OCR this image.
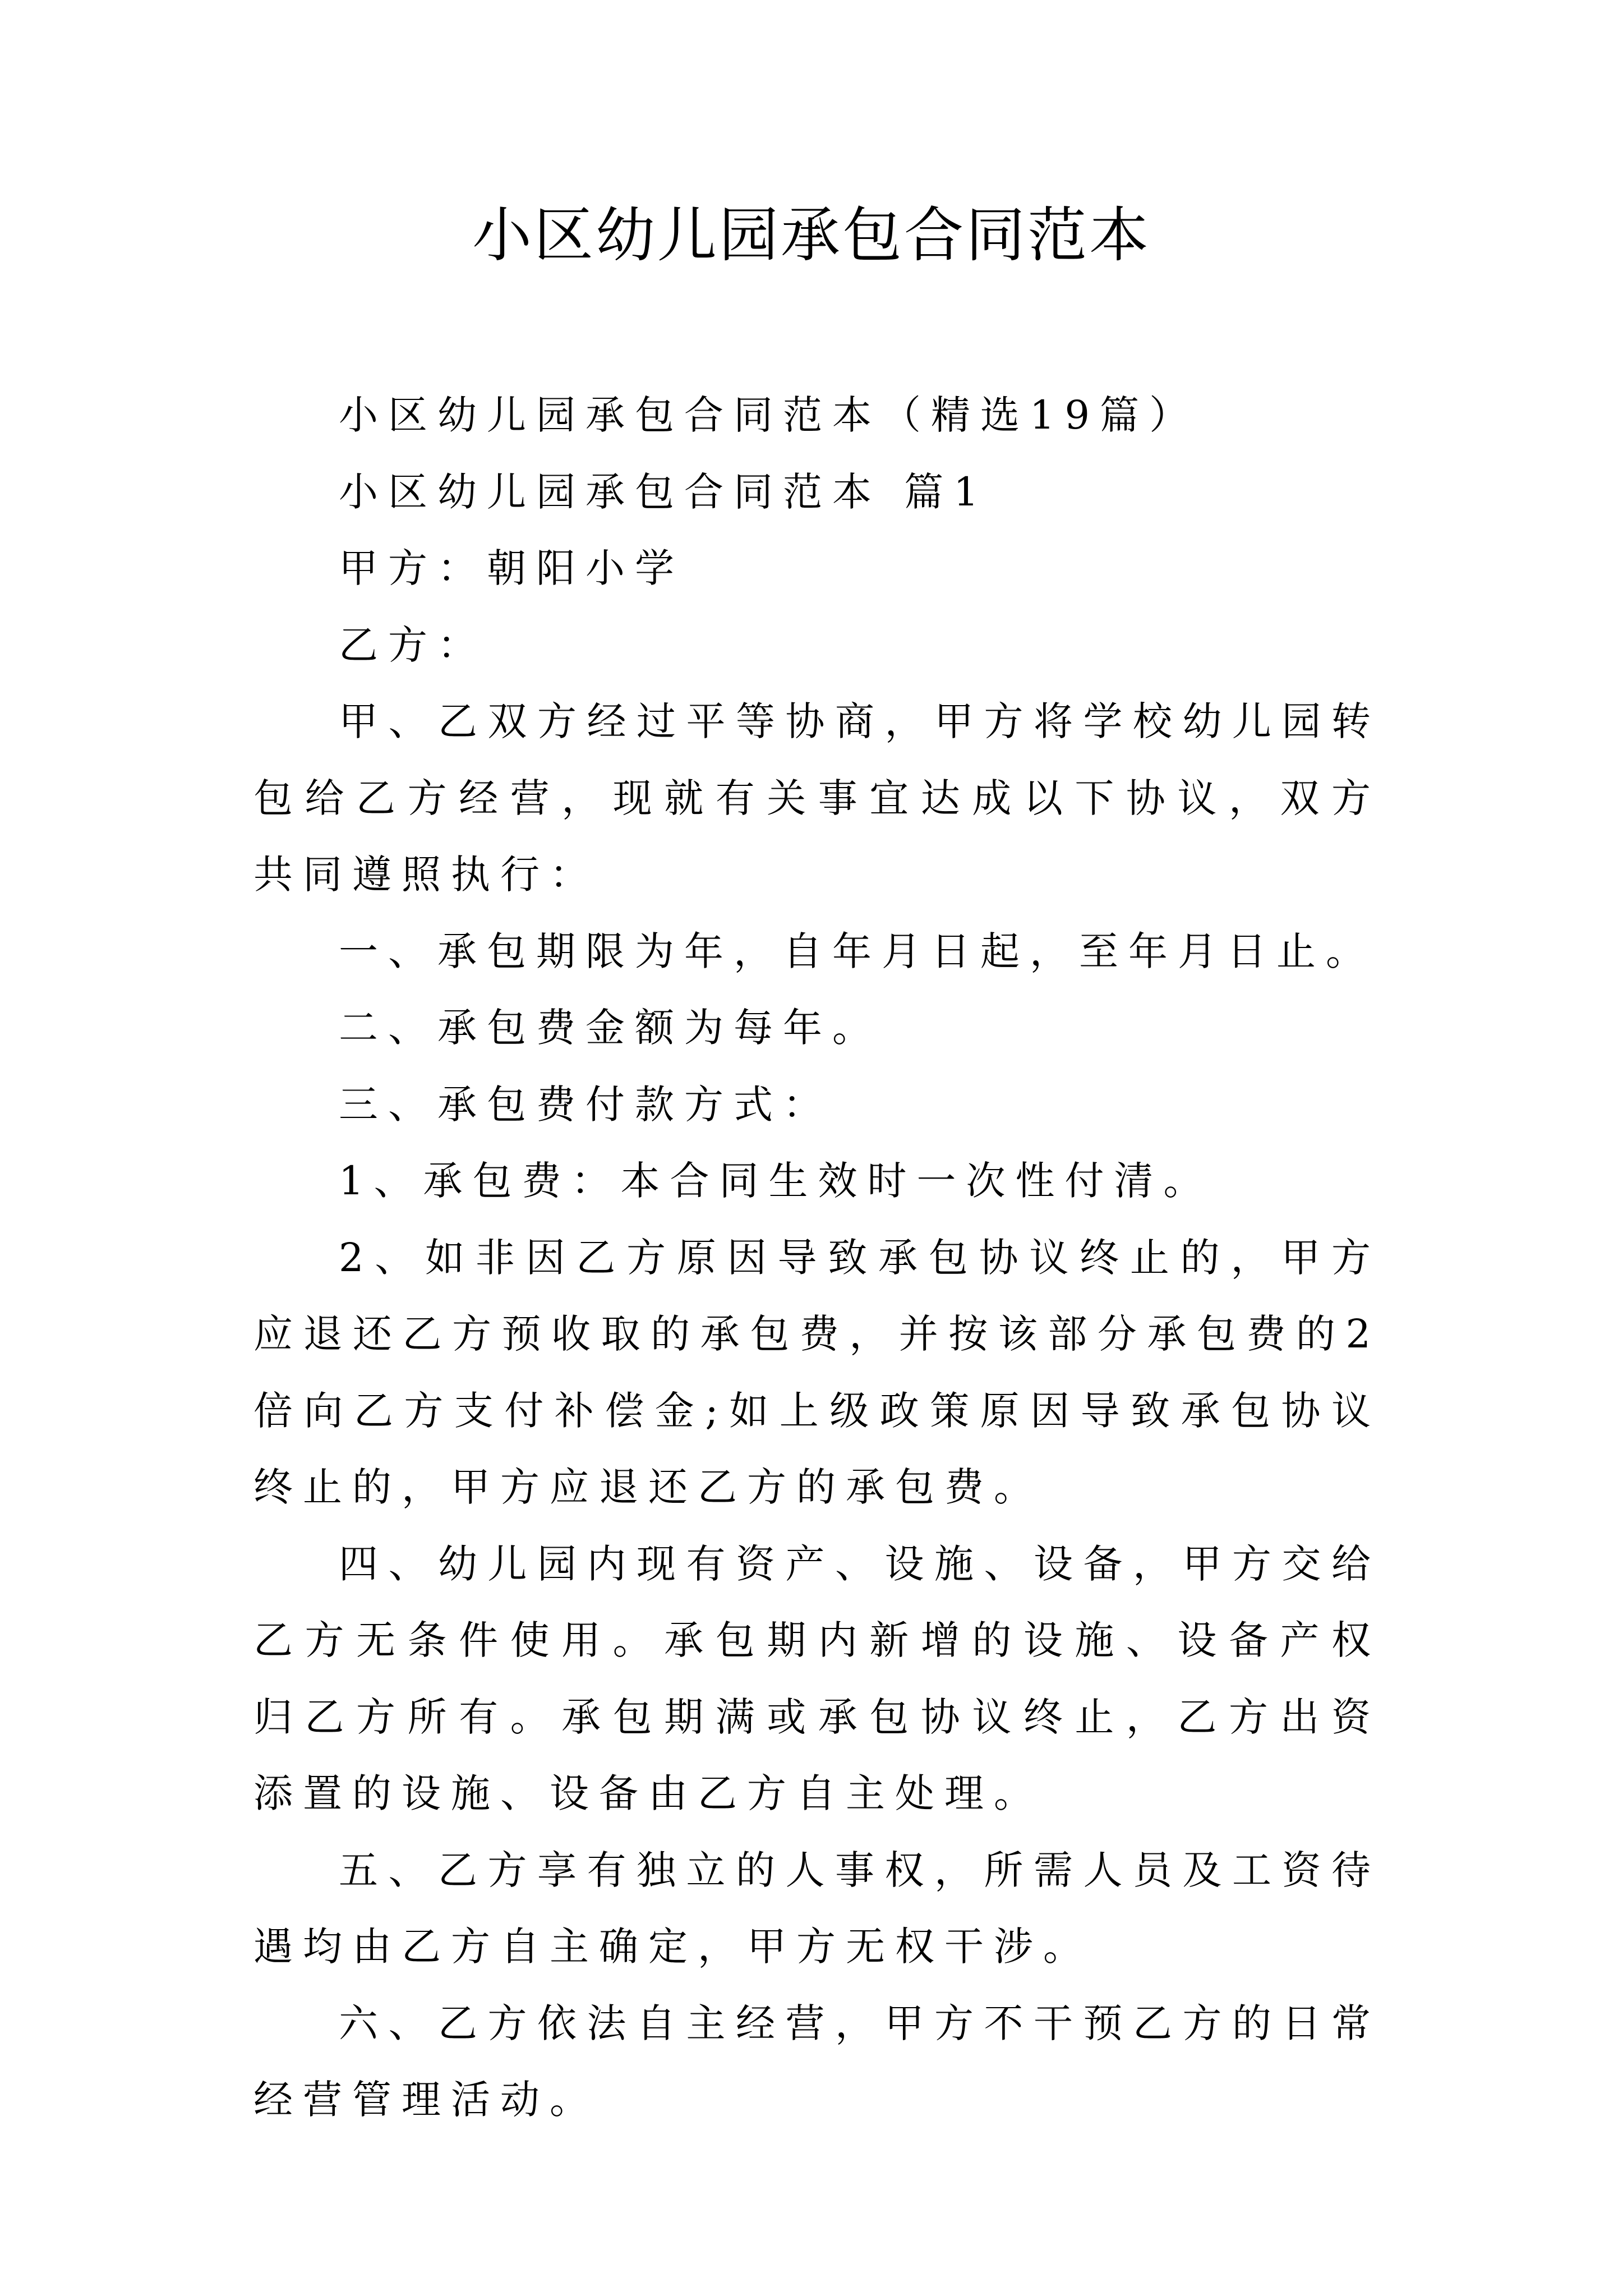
小区幼儿园承包合同范本

小区幼儿园承包合同范本（精选19篇）

小区幼儿园承包合同范本 篇1

甲方：朝阳小学

乙方：

甲、乙双方经过平等协商，甲方将学校幼儿园转包给乙方经营，现就有关事宜达成以下协议，双方共同遵照执行：

一、承包期限为年，自年月日起，至年月日止。

二、承包费金额为每年。

三、承包费付款方式：

1、承包费：本合同生效时一次性付清。

2、如非因乙方原因导致承包协议终止的，甲方应退还乙方预收取的承包费，并按该部分承包费的2倍向乙方支付补偿金;如上级政策原因导致承包协议终止的，甲方应退还乙方的承包费。

四、幼儿园内现有资产、设施、设备，甲方交给乙方无条件使用。承包期内新增的设施、设备产权归乙方所有。承包期满或承包协议终止，乙方出资添置的设施、设备由乙方自主处理。

五、乙方享有独立的人事权，所需人员及工资待遇均由乙方自主确定，甲方无权干涉。

六、乙方依法自主经营，甲方不干预乙方的日常经营管理活动。
